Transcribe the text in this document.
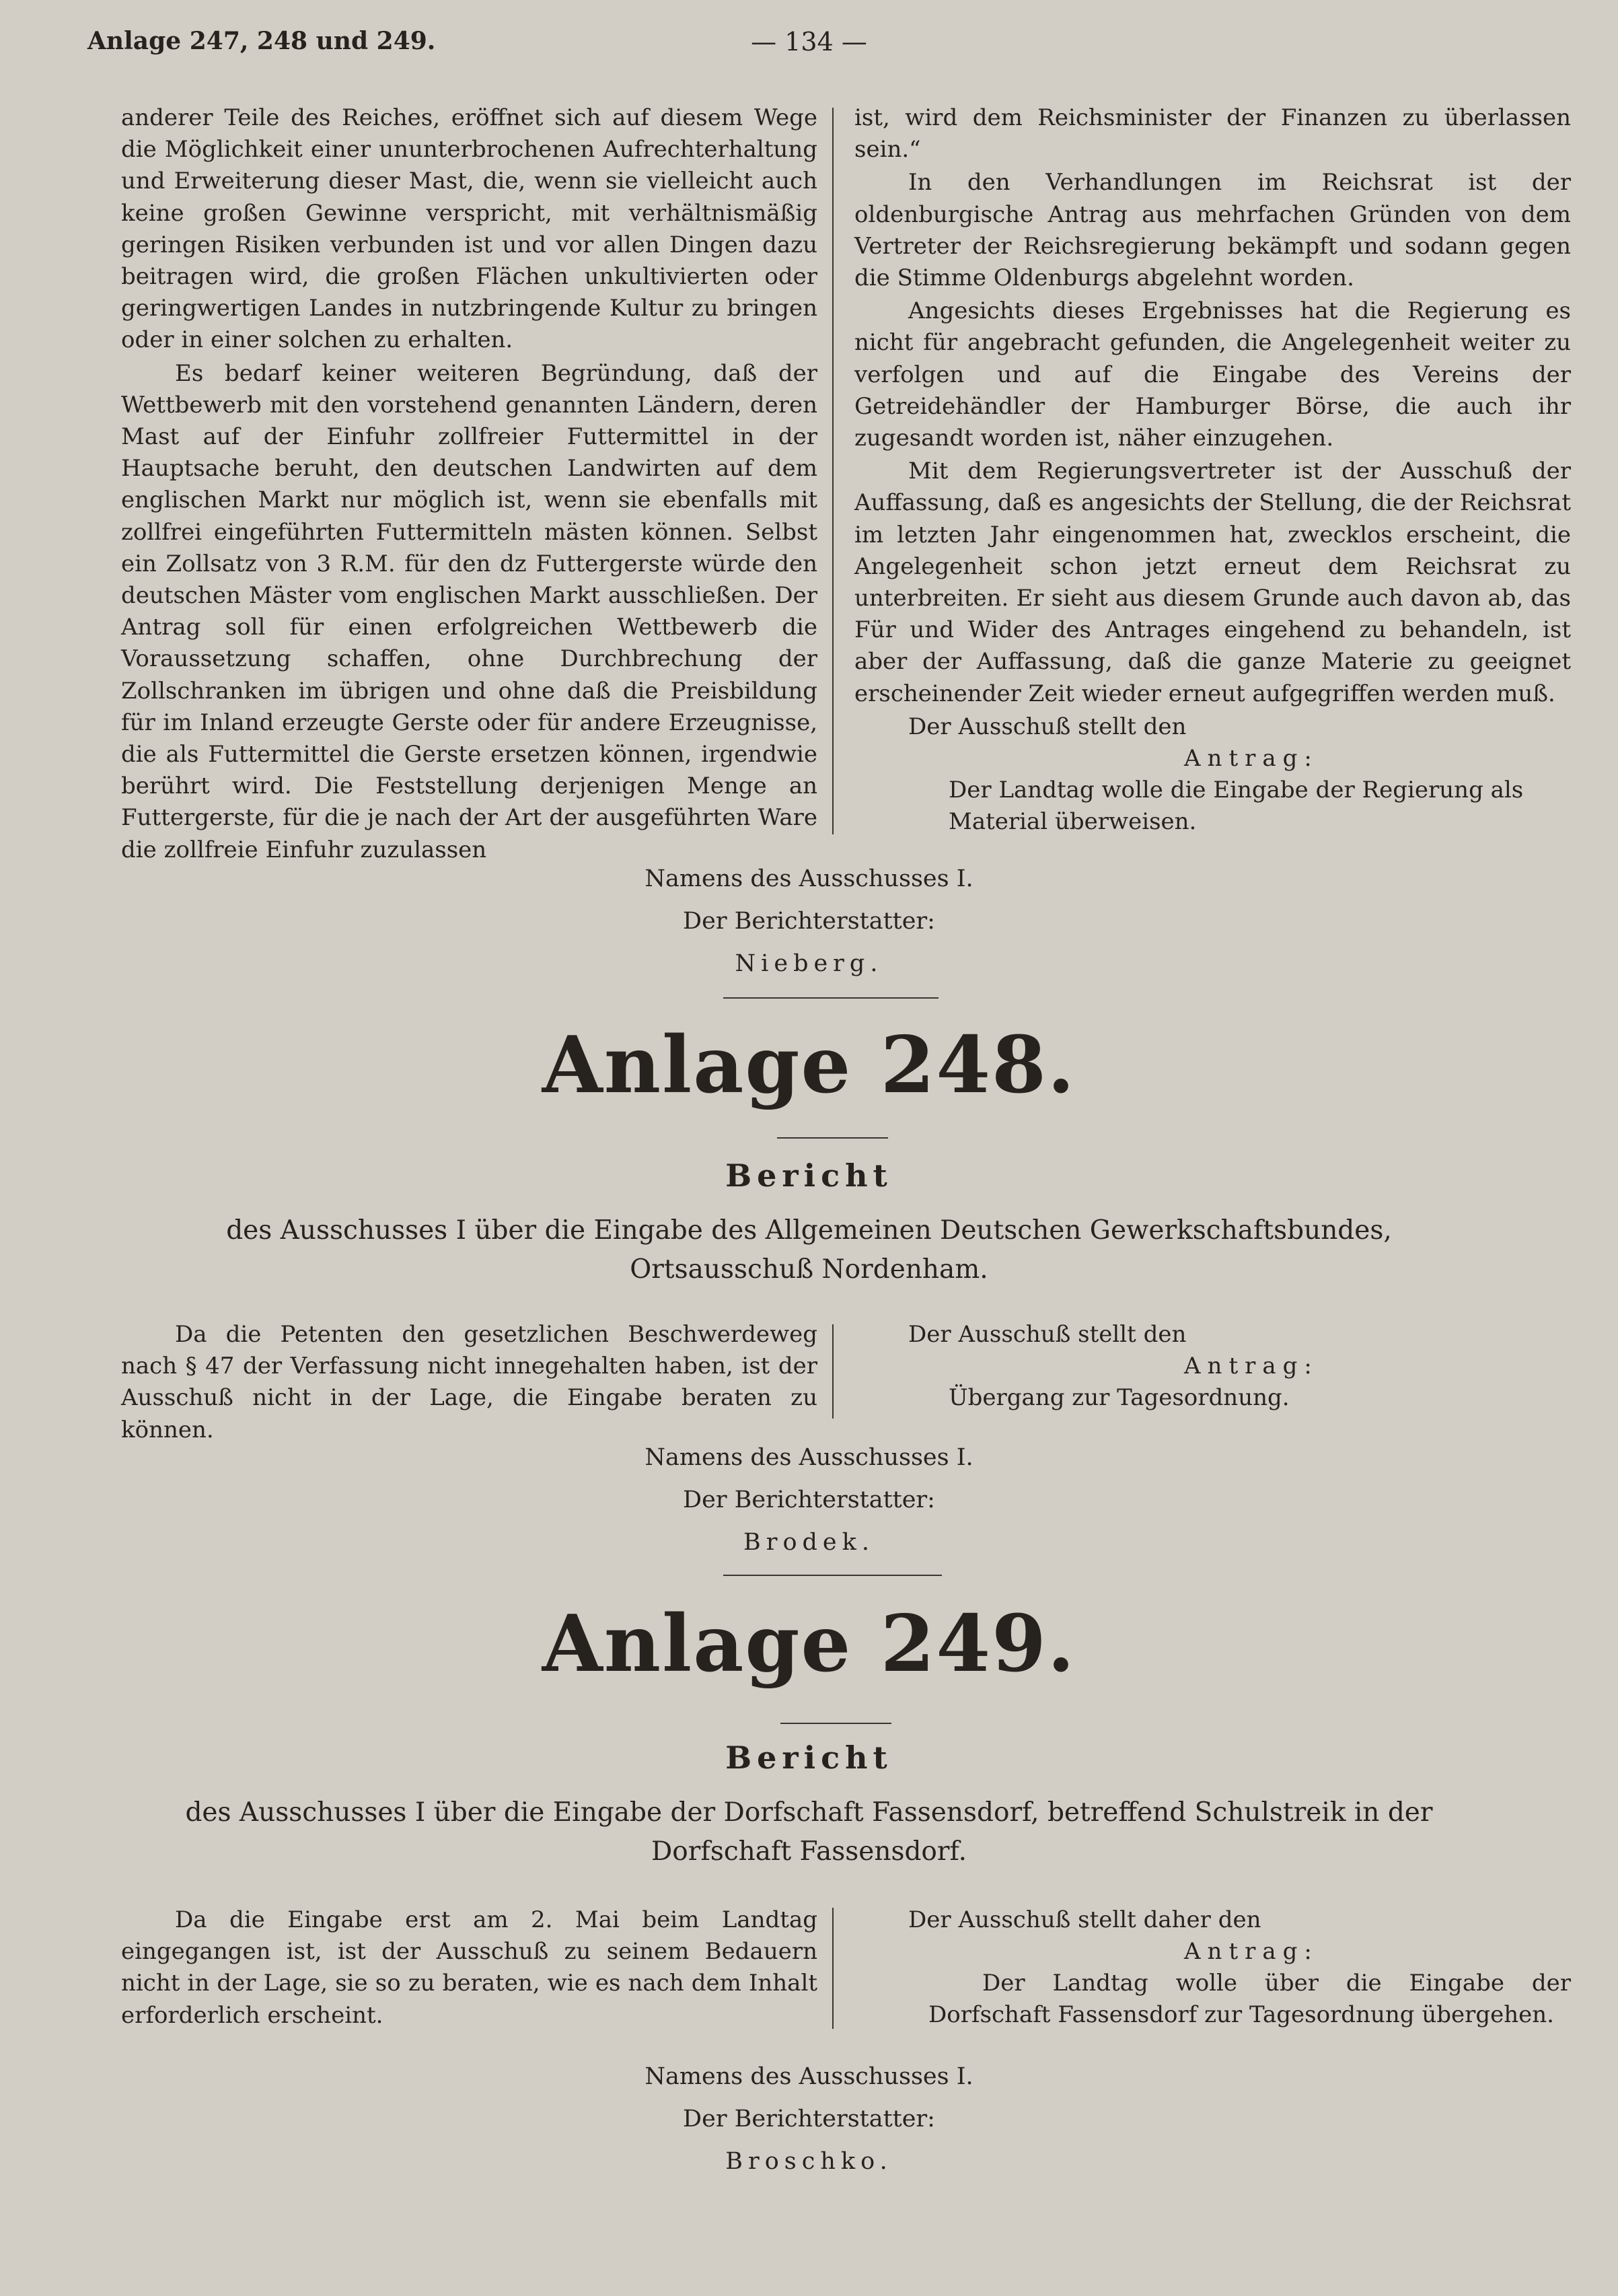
Anlage 247, 248 und 249.	— 134 —

anderer Teile des Reiches, eröffnet sich auf diesem Wege die Möglichkeit einer ununterbrochenen Aufrechterhaltung und Erweiterung dieser Mast, die, wenn sie vielleicht auch keine großen Gewinne verspricht, mit verhältnismäßig geringen Risiken verbunden ist und vor allen Dingen dazu beitragen wird, die großen Flächen unkultivierten oder geringwertigen Landes in nutzbringende Kultur zu bringen oder in einer solchen zu erhalten.

Es bedarf keiner weiteren Begründung, daß der Wettbewerb mit den vorstehend genannten Ländern, deren Mast auf der Einfuhr zollfreier Futtermittel in der Hauptsache beruht, den deutschen Landwirten auf dem englischen Markt nur möglich ist, wenn sie ebenfalls mit zollfrei eingeführten Futtermitteln mästen können. Selbst ein Zollsatz von 3 R.M. für den dz Futtergerste würde den deutschen Mäster vom englischen Markt ausschließen. Der Antrag soll für einen erfolgreichen Wettbewerb die Voraussetzung schaffen, ohne Durchbrechung der Zollschranken im übrigen und ohne daß die Preisbildung für im Inland erzeugte Gerste oder für andere Erzeugnisse, die als Futtermittel die Gerste ersetzen können, irgendwie berührt wird. Die Feststellung derjenigen Menge an Futtergerste, für die je nach der Art der ausgeführten Ware die zollfreie Einfuhr zuzulassen

ist, wird dem Reichsminister der Finanzen zu überlassen sein.“

In den Verhandlungen im Reichsrat ist der oldenburgische Antrag aus mehrfachen Gründen von dem Vertreter der Reichsregierung bekämpft und sodann gegen die Stimme Oldenburgs abgelehnt worden.

Angesichts dieses Ergebnisses hat die Regierung es nicht für angebracht gefunden, die Angelegenheit weiter zu verfolgen und auf die Eingabe des Vereins der Getreidehändler der Hamburger Börse, die auch ihr zugesandt worden ist, näher einzugehen.

Mit dem Regierungsvertreter ist der Ausschuß der Auffassung, daß es angesichts der Stellung, die der Reichsrat im letzten Jahr eingenommen hat, zwecklos erscheint, die Angelegenheit schon jetzt erneut dem Reichsrat zu unterbreiten. Er sieht aus diesem Grunde auch davon ab, das Für und Wider des Antrages eingehend zu behandeln, ist aber der Auffassung, daß die ganze Materie zu geeignet erscheinender Zeit wieder erneut aufgegriffen werden muß.

Der Ausschuß stellt den
Antrag:
Der Landtag wolle die Eingabe der Regierung als Material überweisen.
Namens des Ausschusses I.
Der Berichterstatter:
Nieberg.
Anlage 248.
Bericht
des Ausschusses I über die Eingabe des Allgemeinen Deutschen Gewerkschaftsbundes, Ortsausschuß Nordenham.

Da die Petenten den gesetzlichen Beschwerdeweg nach § 47 der Verfassung nicht innegehalten haben, ist der Ausschuß nicht in der Lage, die Eingabe beraten zu können.

Der Ausschuß stellt den
Antrag:
Übergang zur Tagesordnung.
Namens des Ausschusses I.
Der Berichterstatter:
Brodek.
Anlage 249.
Bericht
des Ausschusses I über die Eingabe der Dorfschaft Fassensdorf, betreffend Schulstreik in der Dorfschaft Fassensdorf.

Da die Eingabe erst am 2. Mai beim Landtag eingegangen ist, ist der Ausschuß zu seinem Bedauern nicht in der Lage, sie so zu beraten, wie es nach dem Inhalt erforderlich erscheint.

Der Ausschuß stellt daher den
Antrag:
Der Landtag wolle über die Eingabe der Dorfschaft Fassensdorf zur Tagesordnung übergehen.
Namens des Ausschusses I.
Der Berichterstatter:
Broschko.
